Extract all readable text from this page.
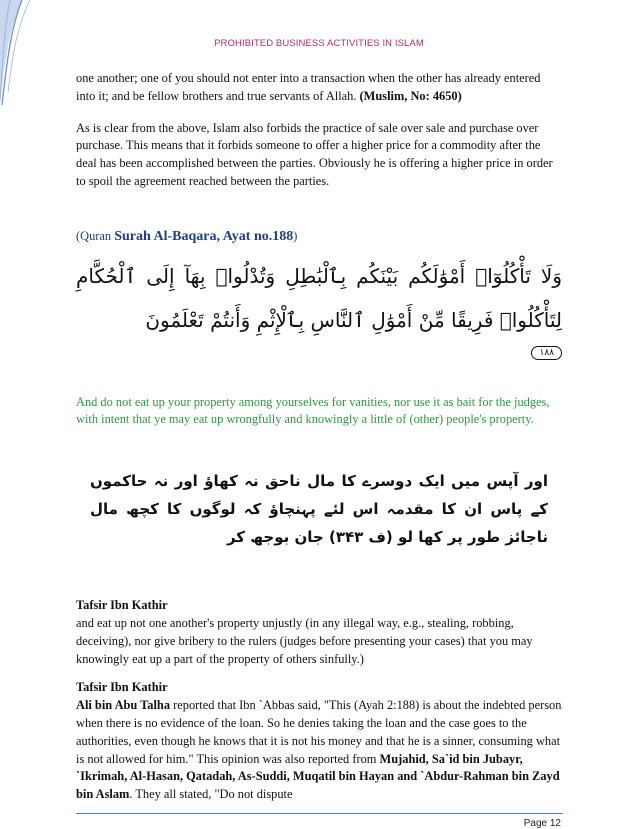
PROHIBITED BUSINESS ACTIVITIES IN ISLAM

one another; one of you should not enter into a transaction when the other has already entered into it; and be fellow brothers and true servants of Allah. (Muslim, No: 4650)

As is clear from the above, Islam also forbids the practice of sale over sale and purchase over purchase. This means that it forbids someone to offer a higher price for a commodity after the deal has been accomplished between the parties. Obviously he is offering a higher price in order to spoil the agreement reached between the parties.

(Quran Surah Al-Baqara, Ayat no.188)

وَلَا تَأْكُلُوٓا۟ أَمْوَٰلَكُم بَيْنَكُم بِٱلْبَٰطِلِ وَتُدْلُوا۟ بِهَآ إِلَى ٱلْحُكَّامِ لِتَأْكُلُوا۟ فَرِيقًا مِّنْ أَمْوَٰلِ ٱلنَّاسِ بِٱلْإِثْمِ وَأَنتُمْ تَعْلَمُونَ
١٨٨

And do not eat up your property among yourselves for vanities, nor use it as bait for the judges, with intent that ye may eat up wrongfully and knowingly a little of (other) people's property.

اور آپس میں ایک دوسرے کا مال ناحق نہ کھاؤ اور نہ حاکموں کے پاس ان کا مقدمہ اس لئے پہنچاؤ کہ لوگوں کا کچھ مال ناجائز طور پر کھا لو (ف ۳۴۳) جان بوجھ کر

Tafsir Ibn Kathir

and eat up not one another's property unjustly (in any illegal way, e.g., stealing, robbing, deceiving), nor give bribery to the rulers (judges before presenting your cases) that you may knowingly eat up a part of the property of others sinfully.)

Tafsir Ibn Kathir

Ali bin Abu Talha reported that Ibn `Abbas said, "This (Ayah 2:188) is about the indebted person when there is no evidence of the loan. So he denies taking the loan and the case goes to the authorities, even though he knows that it is not his money and that he is a sinner, consuming what is not allowed for him." This opinion was also reported from Mujahid, Sa`id bin Jubayr, `Ikrimah, Al-Hasan, Qatadah, As-Suddi, Muqatil bin Hayan and `Abdur-Rahman bin Zayd bin Aslam. They all stated, "Do not dispute

Page 12
